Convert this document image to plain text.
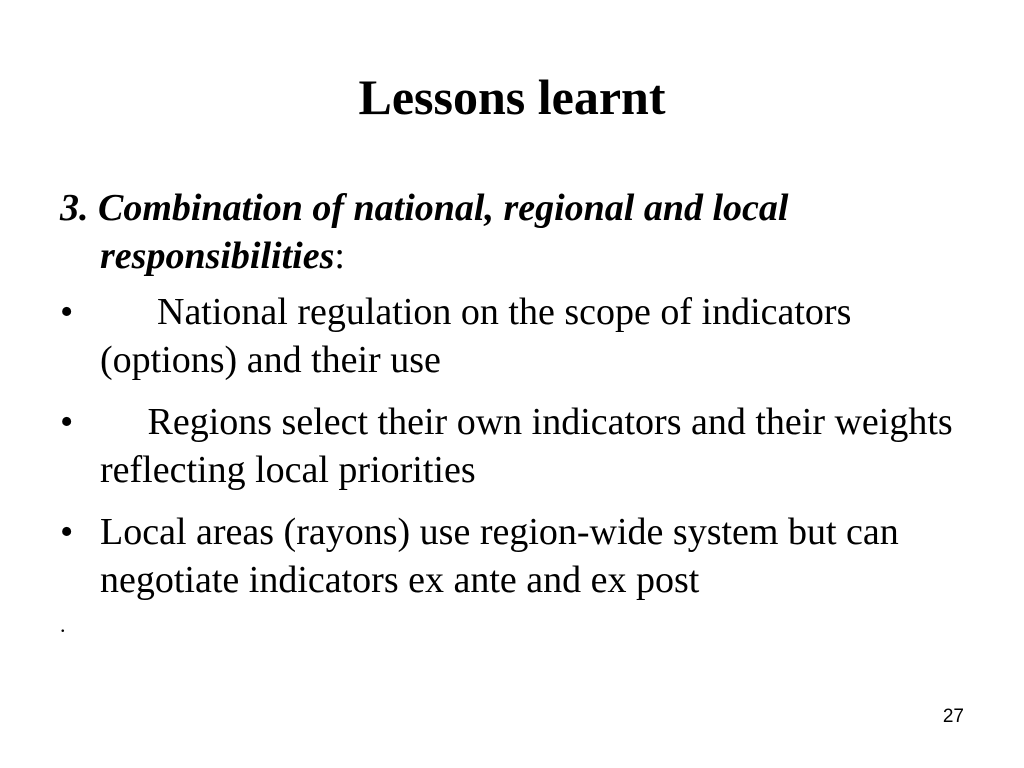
Lessons learnt

3. Combination of national, regional and local responsibilities:

• National regulation on the scope of indicators (options) and their use
• Regions select their own indicators and their weights reflecting local priorities
• Local areas (rayons) use region-wide system but can negotiate indicators ex ante and ex post
.
27
